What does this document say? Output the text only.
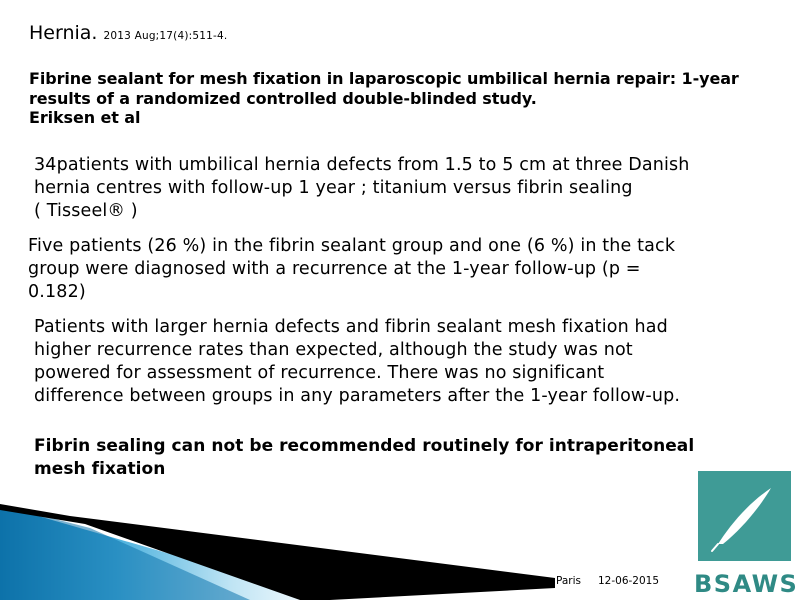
Hernia. 2013 Aug;17(4):511-4.
Fibrine sealant for mesh fixation in laparoscopic umbilical hernia repair: 1-year
results of a randomized controlled double-blinded study.
Eriksen et al
34patients with umbilical hernia defects from 1.5 to 5 cm at three Danish
hernia centres with follow-up 1 year ; titanium versus fibrin sealing
( Tisseel® )
Five patients (26 %) in the fibrin sealant group and one (6 %) in the tack
group were diagnosed with a recurrence at the 1-year follow-up (p =
0.182)
Patients with larger hernia defects and fibrin sealant mesh fixation had
higher recurrence rates than expected, although the study was not
powered for assessment of recurrence. There was no significant
difference between groups in any parameters after the 1-year follow-up.
Fibrin sealing can not be recommended routinely for intraperitoneal
mesh fixation
Paris 12-06-2015 BSAWS
